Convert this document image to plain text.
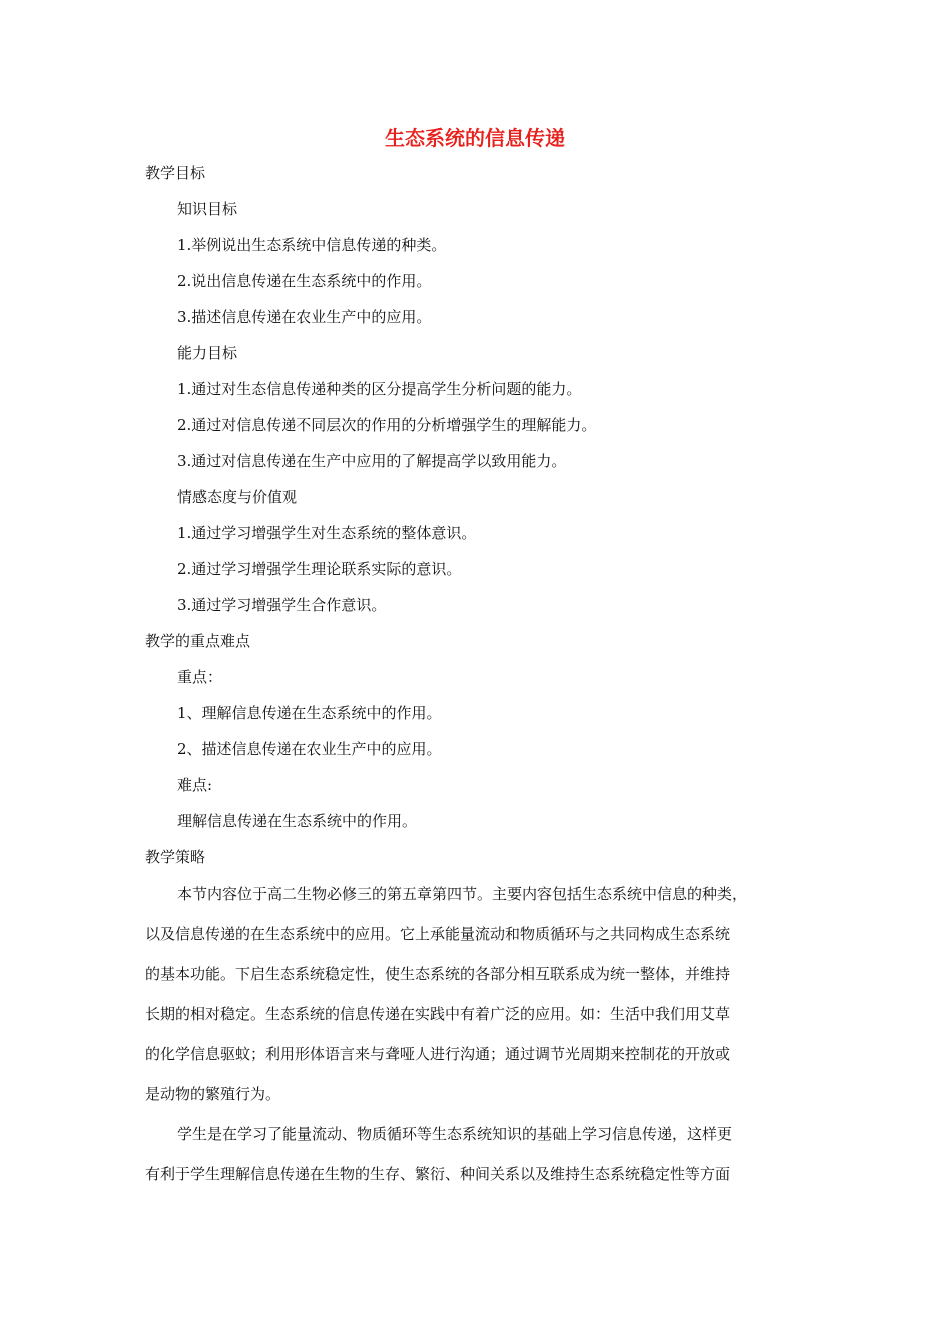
生态系统的信息传递
教学目标
知识目标
1.举例说出生态系统中信息传递的种类。
2.说出信息传递在生态系统中的作用。
3.描述信息传递在农业生产中的应用。
能力目标
1.通过对生态信息传递种类的区分提高学生分析问题的能力。
2.通过对信息传递不同层次的作用的分析增强学生的理解能力。
3.通过对信息传递在生产中应用的了解提高学以致用能力。
情感态度与价值观
1.通过学习增强学生对生态系统的整体意识。
2.通过学习增强学生理论联系实际的意识。
3.通过学习增强学生合作意识。
教学的重点难点
重点：
1、理解信息传递在生态系统中的作用。
2、描述信息传递在农业生产中的应用。
难点:
理解信息传递在生态系统中的作用。
教学策略
本节内容位于高二生物必修三的第五章第四节。主要内容包括生态系统中信息的种类，
以及信息传递的在生态系统中的应用。它上承能量流动和物质循环与之共同构成生态系统
的基本功能。下启生态系统稳定性，使生态系统的各部分相互联系成为统一整体，并维持
长期的相对稳定。生态系统的信息传递在实践中有着广泛的应用。如：生活中我们用艾草
的化学信息驱蚊；利用形体语言来与聋哑人进行沟通；通过调节光周期来控制花的开放或
是动物的繁殖行为。
学生是在学习了能量流动、物质循环等生态系统知识的基础上学习信息传递，这样更
有利于学生理解信息传递在生物的生存、繁衍、种间关系以及维持生态系统稳定性等方面
